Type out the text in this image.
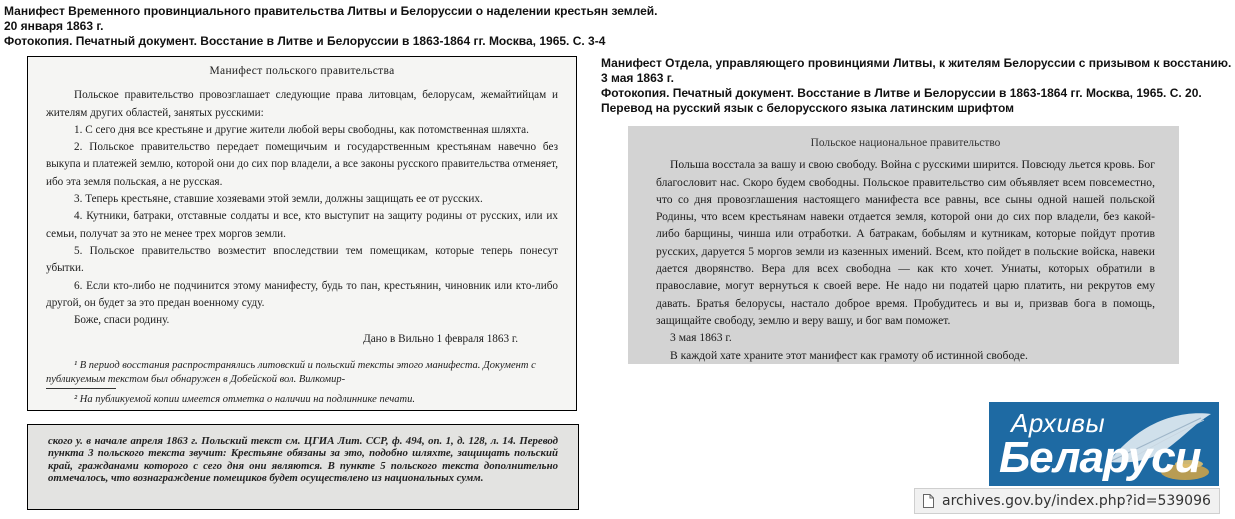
Манифест Временного провинциального правительства Литвы и Белоруссии о наделении крестьян землей.
20 января 1863 г.
Фотокопия. Печатный документ. Восстание в Литве и Белоруссии в 1863-1864 гг. Москва, 1965. С. 3-4
Манифест Отдела, управляющего провинциями Литвы, к жителям Белоруссии с призывом к восстанию.
3 мая 1863 г.
Фотокопия. Печатный документ. Восстание в Литве и Белоруссии в 1863-1864 гг. Москва, 1965. С. 20.
Перевод на русский язык с белорусского языка латинским шрифтом

Манифест польского правительства

Польское правительство провозглашает следующие права литовцам, белорусам, жемайтийцам и жителям других областей, занятых русскими:

1. С сего дня все крестьяне и другие жители любой веры свободны, как потомственная шляхта.

2. Польское правительство передает помещичьим и государственным крестьянам навечно без выкупа и платежей землю, которой они до сих пор владели, а все законы русского правительства отменяет, ибо эта земля польская, а не русская.

3. Теперь крестьяне, ставшие хозяевами этой земли, должны защищать ее от русских.

4. Кутники, батраки, отставные солдаты и все, кто выступит на защиту родины от русских, или их семьи, получат за это не менее трех моргов земли.

5. Польское правительство возместит впоследствии тем помещикам, которые теперь понесут убытки.

6. Если кто-либо не подчинится этому манифесту, будь то пан, крестьянин, чиновник или кто-либо другой, он будет за это предан военному суду.

Боже, спаси родину.

Дано в Вильно 1 февраля 1863 г.

¹ В период восстания распространялись литовский и польский тексты этого манифеста. Документ с публикуемым текстом был обнаружен в Добейской вол. Вилкомир-

² На публикуемой копии имеется отметка о наличии на подлиннике печати.

ского у. в начале апреля 1863 г. Польский текст см. ЦГИА Лит. ССР, ф. 494, оп. 1, д. 128, л. 14. Перевод пункта 3 польского текста звучит: Крестьяне обязаны за это, подобно шляхте, защищать польский край, гражданами которого с сего дня они являются. В пункте 5 польского текста дополнительно отмечалось, что вознаграждение помещиков будет осуществлено из национальных сумм.

Польское национальное правительство

Польша восстала за вашу и свою свободу. Война с русскими ширится. Повсюду льется кровь. Бог благословит нас. Скоро будем свободны. Польское правительство сим объявляет всем повсеместно, что со дня провозглашения настоящего манифеста все равны, все сыны одной нашей польской Родины, что всем крестьянам навеки отдается земля, которой они до сих пор владели, без какой-либо барщины, чинша или отработки. А батракам, бобылям и кутникам, которые пойдут против русских, даруется 5 моргов земли из казенных имений. Всем, кто пойдет в польские войска, навеки дается дворянство. Вера для всех свободна — как кто хочет. Униаты, которых обратили в православие, могут вернуться к своей вере. Не надо ни податей царю платить, ни рекрутов ему давать. Братья белорусы, настало доброе время. Пробудитесь и вы и, призвав бога в помощь, защищайте свободу, землю и веру вашу, и бог вам поможет.

3 мая 1863 г.

В каждой хате храните этот манифест как грамоту об истинной свободе.

Архивы
Беларуси
archives.gov.by/index.php?id=539096
